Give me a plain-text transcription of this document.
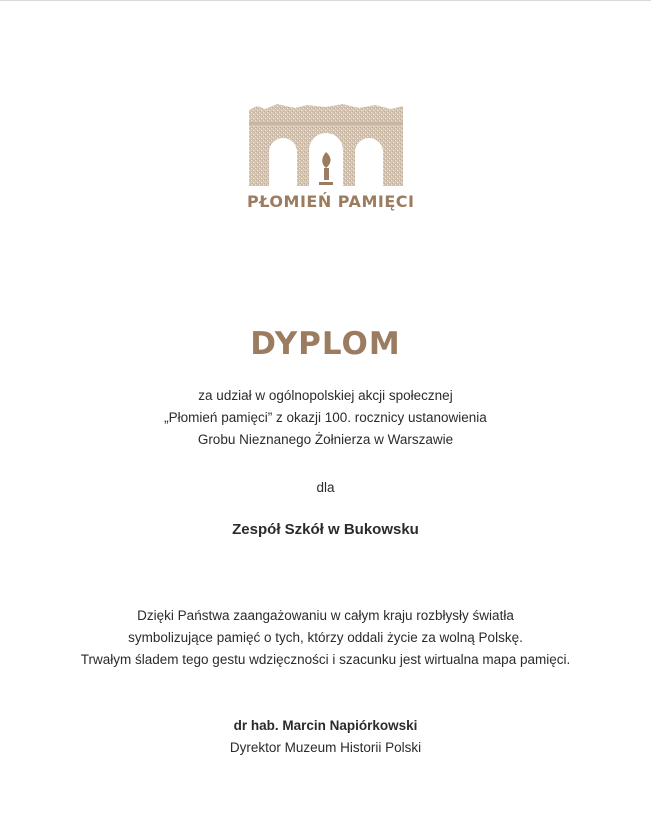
PŁOMIEŃ PAMIĘCI
DYPLOM
za udział w ogólnopolskiej akcji społecznej
„Płomień pamięci” z okazji 100. rocznicy ustanowienia
Grobu Nieznanego Żołnierza w Warszawie
dla
Zespół Szkół w Bukowsku
Dzięki Państwa zaangażowaniu w całym kraju rozbłysły światła
symbolizujące pamięć o tych, którzy oddali życie za wolną Polskę.
Trwałym śladem tego gestu wdzięczności i szacunku jest wirtualna mapa pamięci.
dr hab. Marcin Napiórkowski
Dyrektor Muzeum Historii Polski
